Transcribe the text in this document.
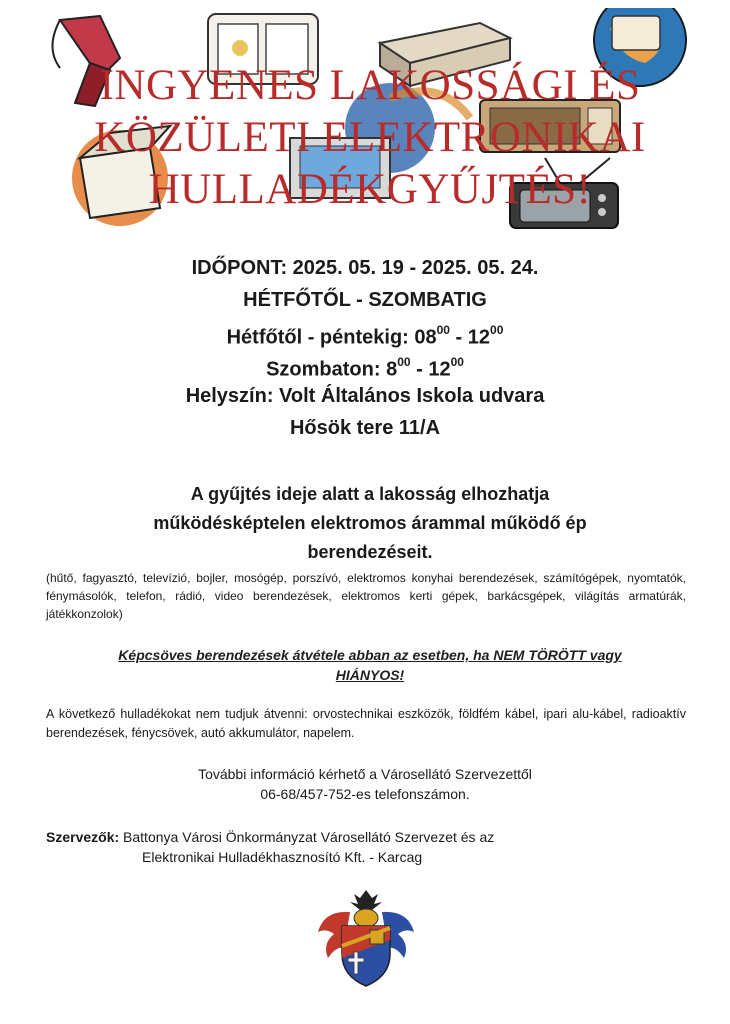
INGYENES LAKOSSÁGI ÉS
KÖZÜLETI ELEKTRONIKAI
HULLADÉKGYŰJTÉS!
IDŐPONT: 2025. 05. 19 - 2025. 05. 24.
HÉTFŐTŐL - SZOMBATIG
Hétfőtől - péntekig: $08^{00} - 12^{00}$
Szombaton: $8^{00} - 12^{00}$
Helyszín: Volt Általános Iskola udvara
Hősök tere 11/A
A gyűjtés ideje alatt a lakosság elhozhatja
működésképtelen elektromos árammal működő ép
berendezéseit.
(hűtő, fagyasztó, televízió, bojler, mosógép, porszívó, elektromos konyhai berendezések, számítógépek, nyomtatók, fénymásolók, telefon, rádió, video berendezések, elektromos kerti gépek, barkácsgépek, világítás armatúrák, játékkonzolok)
Képcsöves berendezések átvétele abban az esetben, ha NEM TÖRÖTT vagy
HIÁNYOS!
A következő hulladékokat nem tudjuk átvenni: orvostechnikai eszközök, földfém kábel, ipari alu-kábel, radioaktív berendezések, fénycsövek, autó akkumulátor, napelem.
További információ kérhető a Városellátó Szervezettől
06-68/457-752-es telefonszámon.
Szervezők: Battonya Városi Önkormányzat Városellátó Szervezet és az
Elektronikai Hulladékhasznosító Kft. - Karcag
